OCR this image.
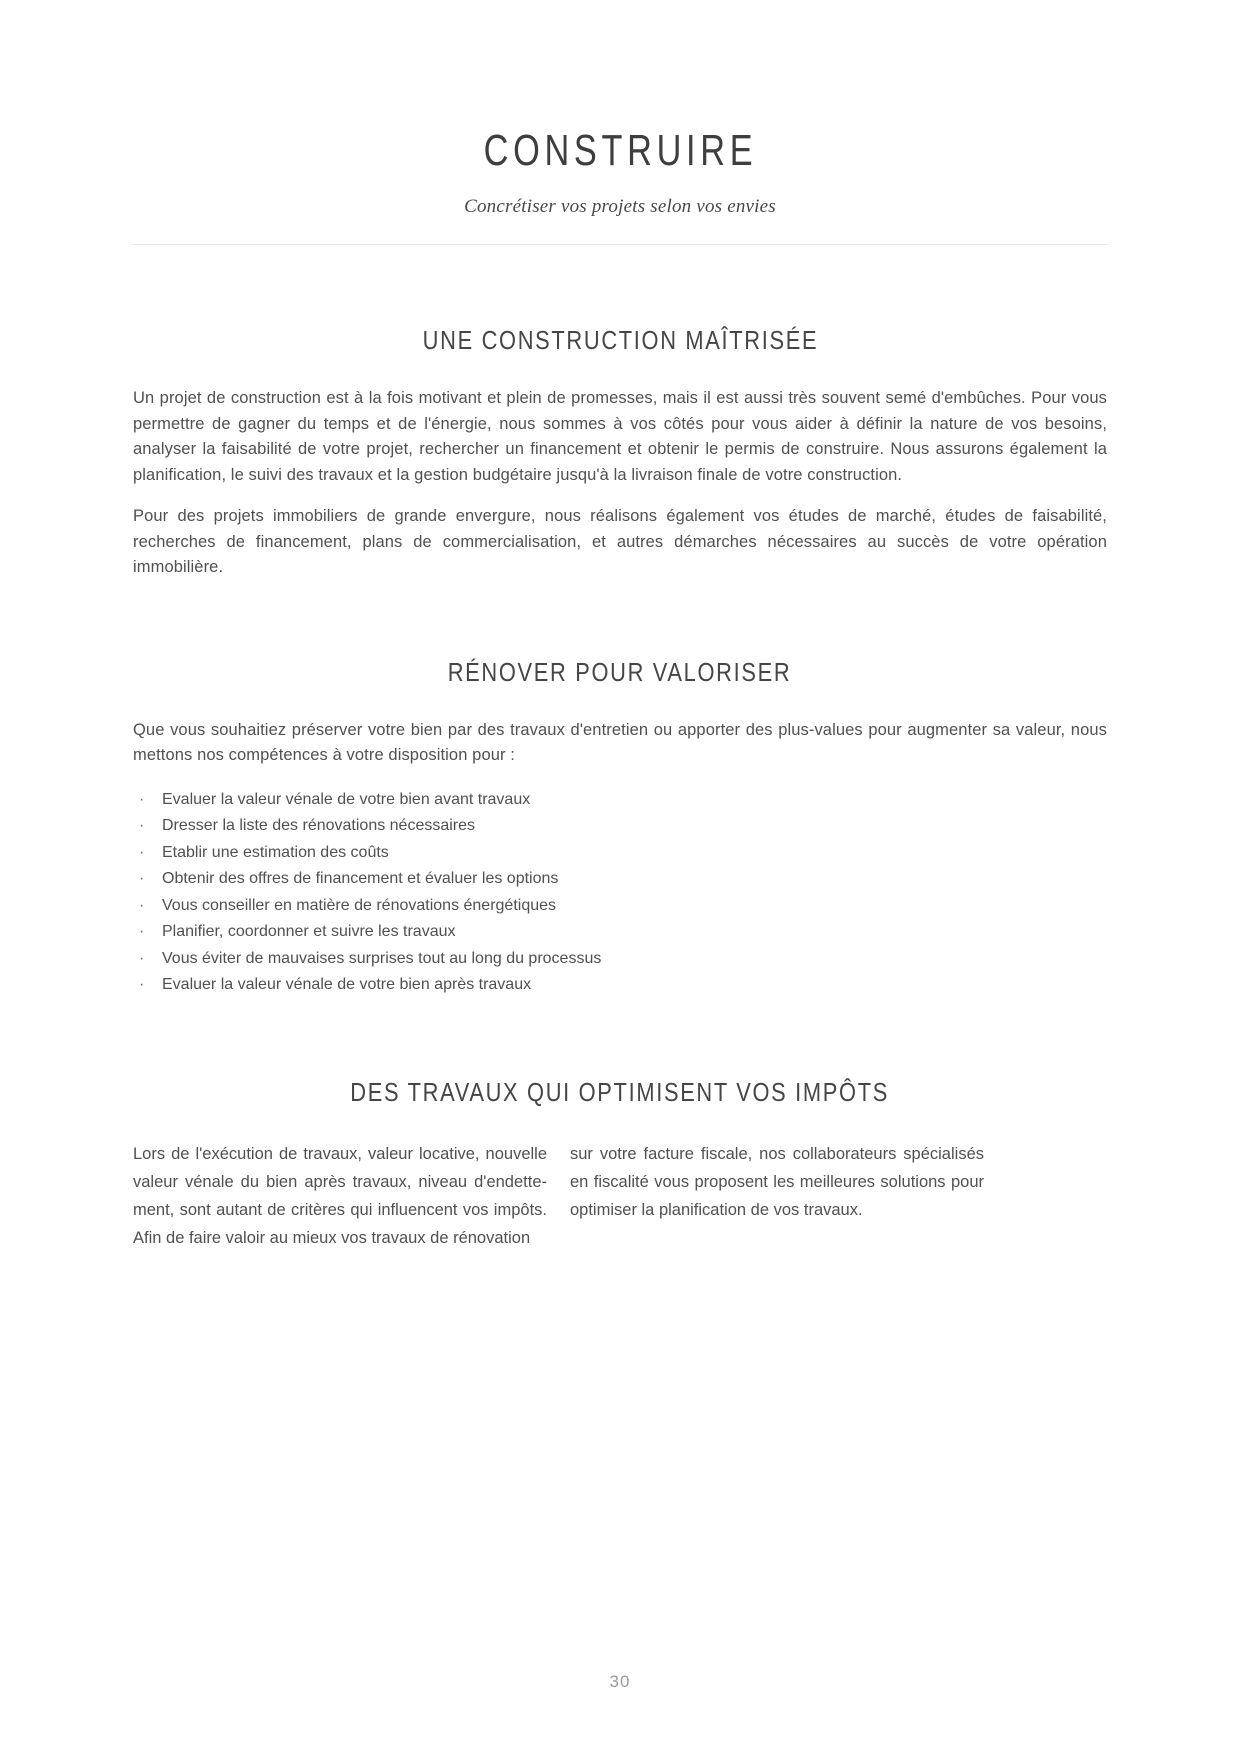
CONSTRUIRE
Concrétiser vos projets selon vos envies
UNE CONSTRUCTION MAÎTRISÉE

Un projet de construction est à la fois motivant et plein de promesses, mais il est aussi très souvent semé d'embûches. Pour vous permettre de gagner du temps et de l'énergie, nous sommes à vos côtés pour vous aider à définir la nature de vos besoins, analyser la faisabilité de votre projet, rechercher un financement et obtenir le permis de construire. Nous assurons également la planification, le suivi des travaux et la gestion budgétaire jusqu'à la livraison finale de votre construction.

Pour des projets immobiliers de grande envergure, nous réalisons également vos études de marché, études de faisabilité, recherches de financement, plans de commercialisation, et autres démarches nécessaires au succès de votre opération immobilière.

RÉNOVER POUR VALORISER

Que vous souhaitiez préserver votre bien par des travaux d'entretien ou apporter des plus-values pour augmenter sa valeur, nous mettons nos compétences à votre disposition pour :

·	Evaluer la valeur vénale de votre bien avant travaux
·	Dresser la liste des rénovations nécessaires
·	Etablir une estimation des coûts
·	Obtenir des offres de financement et évaluer les options
·	Vous conseiller en matière de rénovations énergétiques
·	Planifier, coordonner et suivre les travaux
·	Vous éviter de mauvaises surprises tout au long du processus
·	Evaluer la valeur vénale de votre bien après travaux
DES TRAVAUX QUI OPTIMISENT VOS IMPÔTS
Lors de l'exécution de travaux, valeur locative, nouvelle valeur vénale du bien après travaux, niveau d'endettement, sont autant de critères qui influencent vos impôts. Afin de faire valoir au mieux vos travaux de rénovation
sur votre facture fiscale, nos collaborateurs spécialisés en fiscalité vous proposent les meilleures solutions pour optimiser la planification de vos travaux.
30
